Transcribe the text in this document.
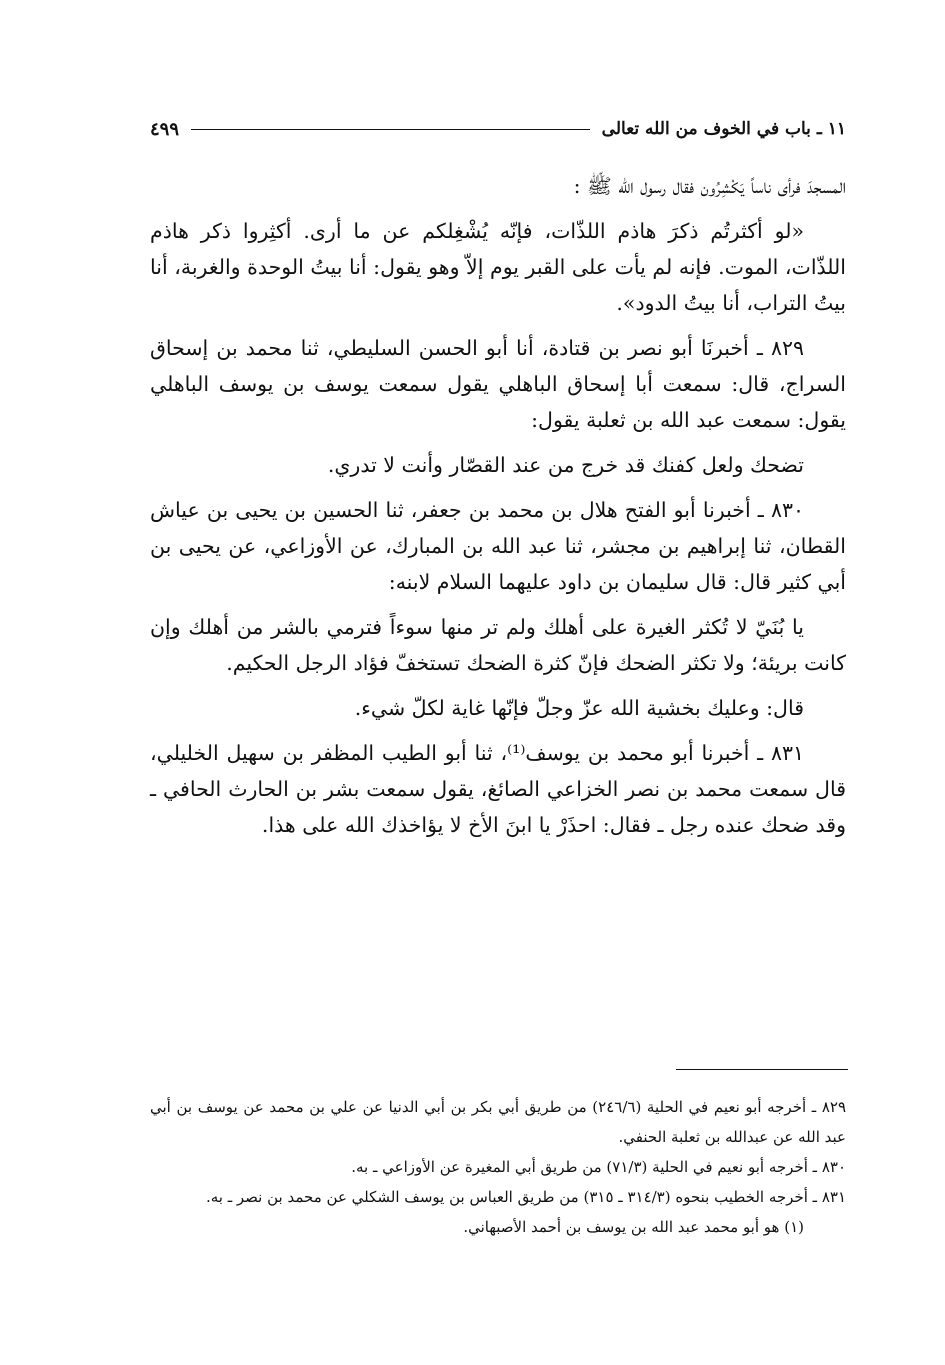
١١ ـ باب في الخوف من الله تعالى
٤٩٩

المسجدَ فرأى ناساً يَكْشِرُون فقال رسول الله ﷺ :

«لو أكثرتُم ذكرَ هاذم اللذّات، فإنّه يُشْغِلكم عن ما أرى. أكثِروا ذكر هاذم اللذّات، الموت. فإنه لم يأت على القبر يوم إلاّ وهو يقول: أنا بيتُ الوحدة والغربة، أنا بيتُ التراب، أنا بيتُ الدود».

٨٢٩ ـ أخبرنَا أبو نصر بن قتادة، أنا أبو الحسن السليطي، ثنا محمد بن إسحاق السراج، قال: سمعت أبا إسحاق الباهلي يقول سمعت يوسف بن يوسف الباهلي يقول: سمعت عبد الله بن ثعلبة يقول:

تضحك ولعل كفنك قد خرج من عند القصّار وأنت لا تدري.

٨٣٠ ـ أخبرنا أبو الفتح هلال بن محمد بن جعفر، ثنا الحسين بن يحيى بن عياش القطان، ثنا إبراهيم بن مجشر، ثنا عبد الله بن المبارك، عن الأوزاعي، عن يحيى بن أبي كثير قال: قال سليمان بن داود عليهما السلام لابنه:

يا بُنَيّ لا تُكثر الغيرة على أهلك ولم تر منها سوءاً فترمي بالشر من أهلك وإن كانت بريئة؛ ولا تكثر الضحك فإنّ كثرة الضحك تستخفّ فؤاد الرجل الحكيم.

قال: وعليك بخشية الله عزّ وجلّ فإنّها غاية لكلّ شيء.

٨٣١ ـ أخبرنا أبو محمد بن يوسف⁽¹⁾، ثنا أبو الطيب المظفر بن سهيل الخليلي، قال سمعت محمد بن نصر الخزاعي الصائغ، يقول سمعت بشر بن الحارث الحافي ـ وقد ضحك عنده رجل ـ فقال: احذَرْ يا ابنَ الأخ لا يؤاخذك الله على هذا.

٨٢٩ ـ أخرجه أبو نعيم في الحلية (٢٤٦/٦) من طريق أبي بكر بن أبي الدنيا عن علي بن محمد عن يوسف بن أبي عبد الله عن عبدالله بن ثعلبة الحنفي.

٨٣٠ ـ أخرجه أبو نعيم في الحلية (٧١/٣) من طريق أبي المغيرة عن الأوزاعي ـ به.

٨٣١ ـ أخرجه الخطيب بنحوه (٣١٤/٣ ـ ٣١٥) من طريق العباس بن يوسف الشكلي عن محمد بن نصر ـ به.

(١) هو أبو محمد عبد الله بن يوسف بن أحمد الأصبهاني.
